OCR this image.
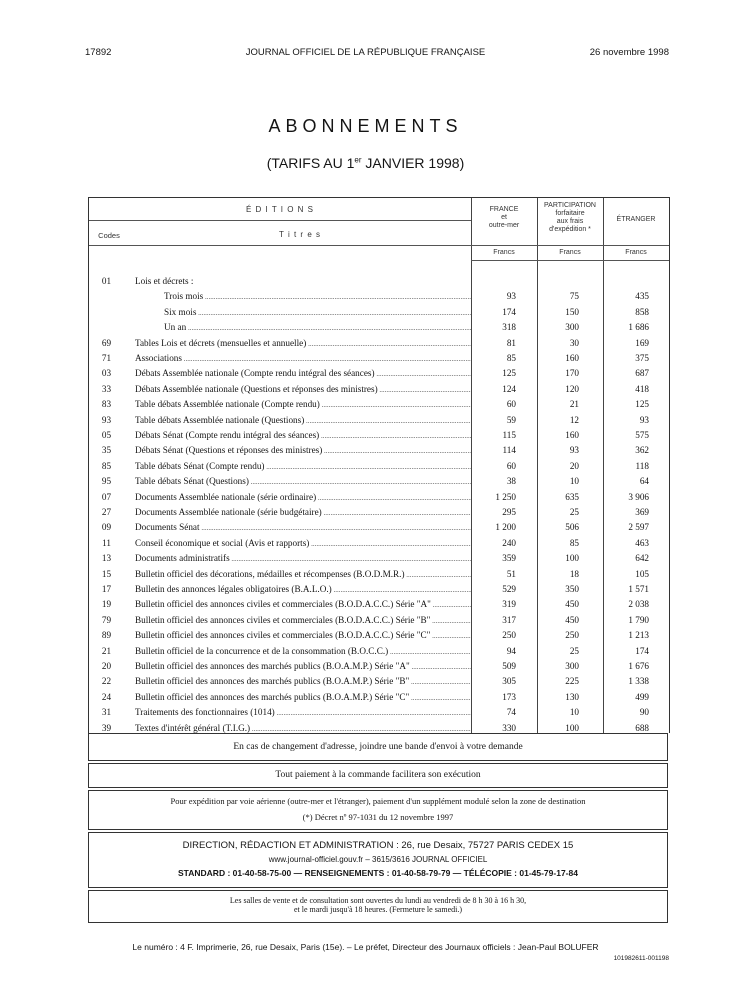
17892	JOURNAL OFFICIEL DE LA RÉPUBLIQUE FRANÇAISE	26 novembre 1998
ABONNEMENTS
(TARIFS AU 1er JANVIER 1998)
É D I T I O N S
Codes	T i t r e s
FRANCE
et
outre-mer
PARTICIPATION
forfaitaire
aux frais
d'expédition *
ÉTRANGER
Francs	Francs	Francs
01	Lois et décrets :
Trois mois .....	93	75	435
Six mois .....	174	150	858
Un an .....	318	300	1 686
69	Tables Lois et décrets (mensuelles et annuelle) .....	81	30	169
71	Associations .....	85	160	375
03	Débats Assemblée nationale (Compte rendu intégral des séances) .....	125	170	687
33	Débats Assemblée nationale (Questions et réponses des ministres) .....	124	120	418
83	Table débats Assemblée nationale (Compte rendu) .....	60	21	125
93	Table débats Assemblée nationale (Questions) .....	59	12	93
05	Débats Sénat (Compte rendu intégral des séances) .....	115	160	575
35	Débats Sénat (Questions et réponses des ministres) .....	114	93	362
85	Table débats Sénat (Compte rendu) .....	60	20	118
95	Table débats Sénat (Questions) .....	38	10	64
07	Documents Assemblée nationale (série ordinaire) .....	1 250	635	3 906
27	Documents Assemblée nationale (série budgétaire) .....	295	25	369
09	Documents Sénat .....	1 200	506	2 597
11	Conseil économique et social (Avis et rapports) .....	240	85	463
13	Documents administratifs .....	359	100	642
15	Bulletin officiel des décorations, médailles et récompenses (B.O.D.M.R.) .....	51	18	105
17	Bulletin des annonces légales obligatoires (B.A.L.O.) .....	529	350	1 571
19	Bulletin officiel des annonces civiles et commerciales (B.O.D.A.C.C.) Série "A" .....	319	450	2 038
79	Bulletin officiel des annonces civiles et commerciales (B.O.D.A.C.C.) Série "B" .....	317	450	1 790
89	Bulletin officiel des annonces civiles et commerciales (B.O.D.A.C.C.) Série "C" .....	250	250	1 213
21	Bulletin officiel de la concurrence et de la consommation (B.O.C.C.) .....	94	25	174
20	Bulletin officiel des annonces des marchés publics (B.O.A.M.P.) Série "A" .....	509	300	1 676
22	Bulletin officiel des annonces des marchés publics (B.O.A.M.P.) Série "B" .....	305	225	1 338
24	Bulletin officiel des annonces des marchés publics (B.O.A.M.P.) Série "C" .....	173	130	499
31	Traitements des fonctionnaires (1014) .....	74	10	90
39	Textes d'intérêt général (T.I.G.) .....	330	100	688
En cas de changement d'adresse, joindre une bande d'envoi à votre demande
Tout paiement à la commande facilitera son exécution
Pour expédition par voie aérienne (outre-mer et l'étranger), paiement d'un supplément modulé selon la zone de destination
(*) Décret nº 97-1031 du 12 novembre 1997
DIRECTION, RÉDACTION ET ADMINISTRATION : 26, rue Desaix, 75727 PARIS CEDEX 15
www.journal-officiel.gouv.fr – 3615/3616 JOURNAL OFFICIEL
STANDARD : 01-40-58-75-00 — RENSEIGNEMENTS : 01-40-58-79-79 — TÉLÉCOPIE : 01-45-79-17-84
Les salles de vente et de consultation sont ouvertes du lundi au vendredi de 8 h 30 à 16 h 30,
et le mardi jusqu'à 18 heures. (Fermeture le samedi.)
Le numéro : 4 F. Imprimerie, 26, rue Desaix, Paris (15e). – Le préfet, Directeur des Journaux officiels : Jean-Paul BOLUFER
101982611-001198
